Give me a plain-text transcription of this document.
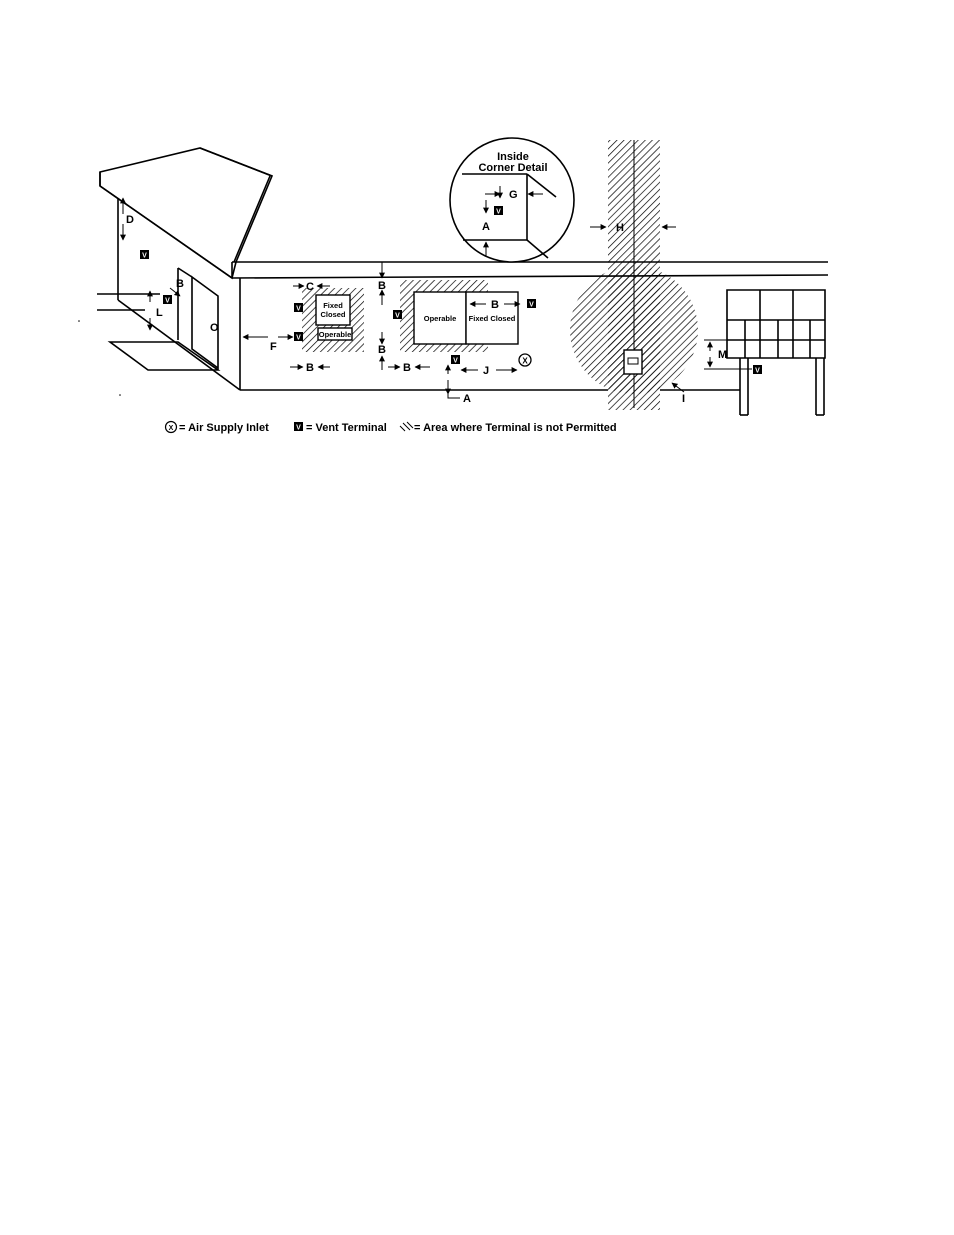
Fixed
Closed
Operable
Operable Fixed Closed
Inside
Corner Detail
G
V
A
V
V
V
V
V
V
V
V
X
D
B
L
O
C
F
B
B
B
B
B
A
J
H
I
M
X = Air Supply Inlet	V = Vent Terminal = Area where Terminal is not Permitted
